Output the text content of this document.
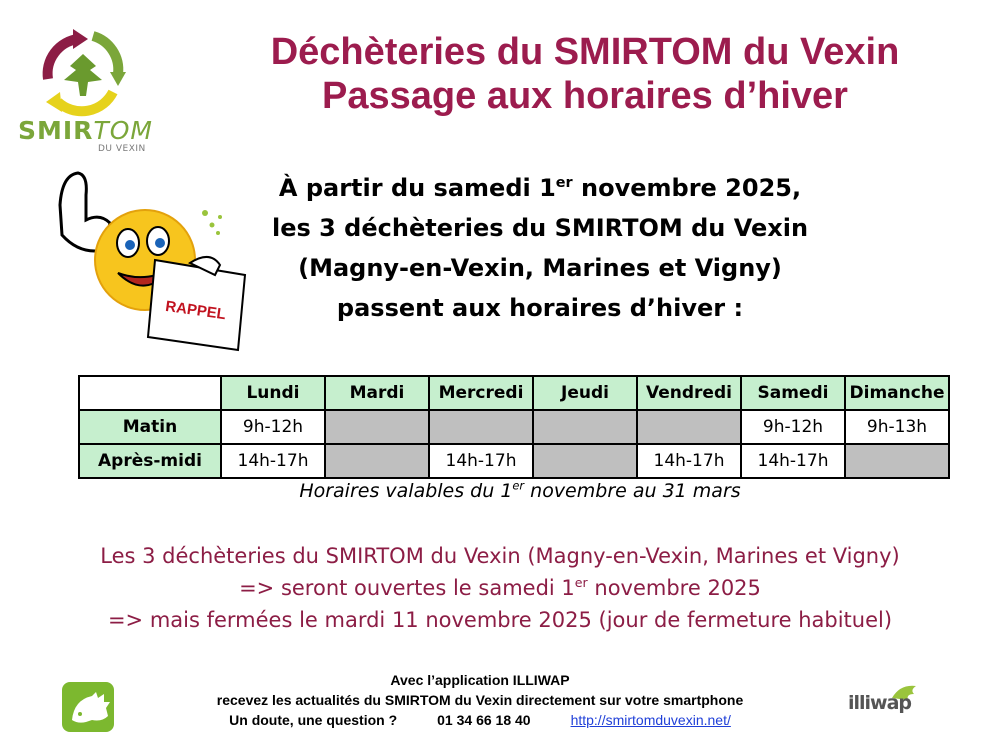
SMIRTOM
DU VEXIN
Déchèteries du SMIRTOM du Vexin
Passage aux horaires d’hiver
RAPPEL
À partir du samedi 1er novembre 2025,
les 3 déchèteries du SMIRTOM du Vexin
(Magny-en-Vexin, Marines et Vigny)
passent aux horaires d’hiver :
	Lundi	Mardi	Mercredi	Jeudi	Vendredi	Samedi	Dimanche
Matin	9h-12h					9h-12h	9h-13h
Après-midi	14h-17h		14h-17h		14h-17h	14h-17h	
Horaires valables du 1er novembre au 31 mars
Les 3 déchèteries du SMIRTOM du Vexin (Magny-en-Vexin, Marines et Vigny)
=> seront ouvertes le samedi 1er novembre 2025
=> mais fermées le mardi 11 novembre 2025 (jour de fermeture habituel)
Avec l’application ILLIWAP
recevez les actualités du SMIRTOM du Vexin directement sur votre smartphone
Un doute, une question ?	01 34 66 18 40	http://smirtomduvexin.net/
illiwap
